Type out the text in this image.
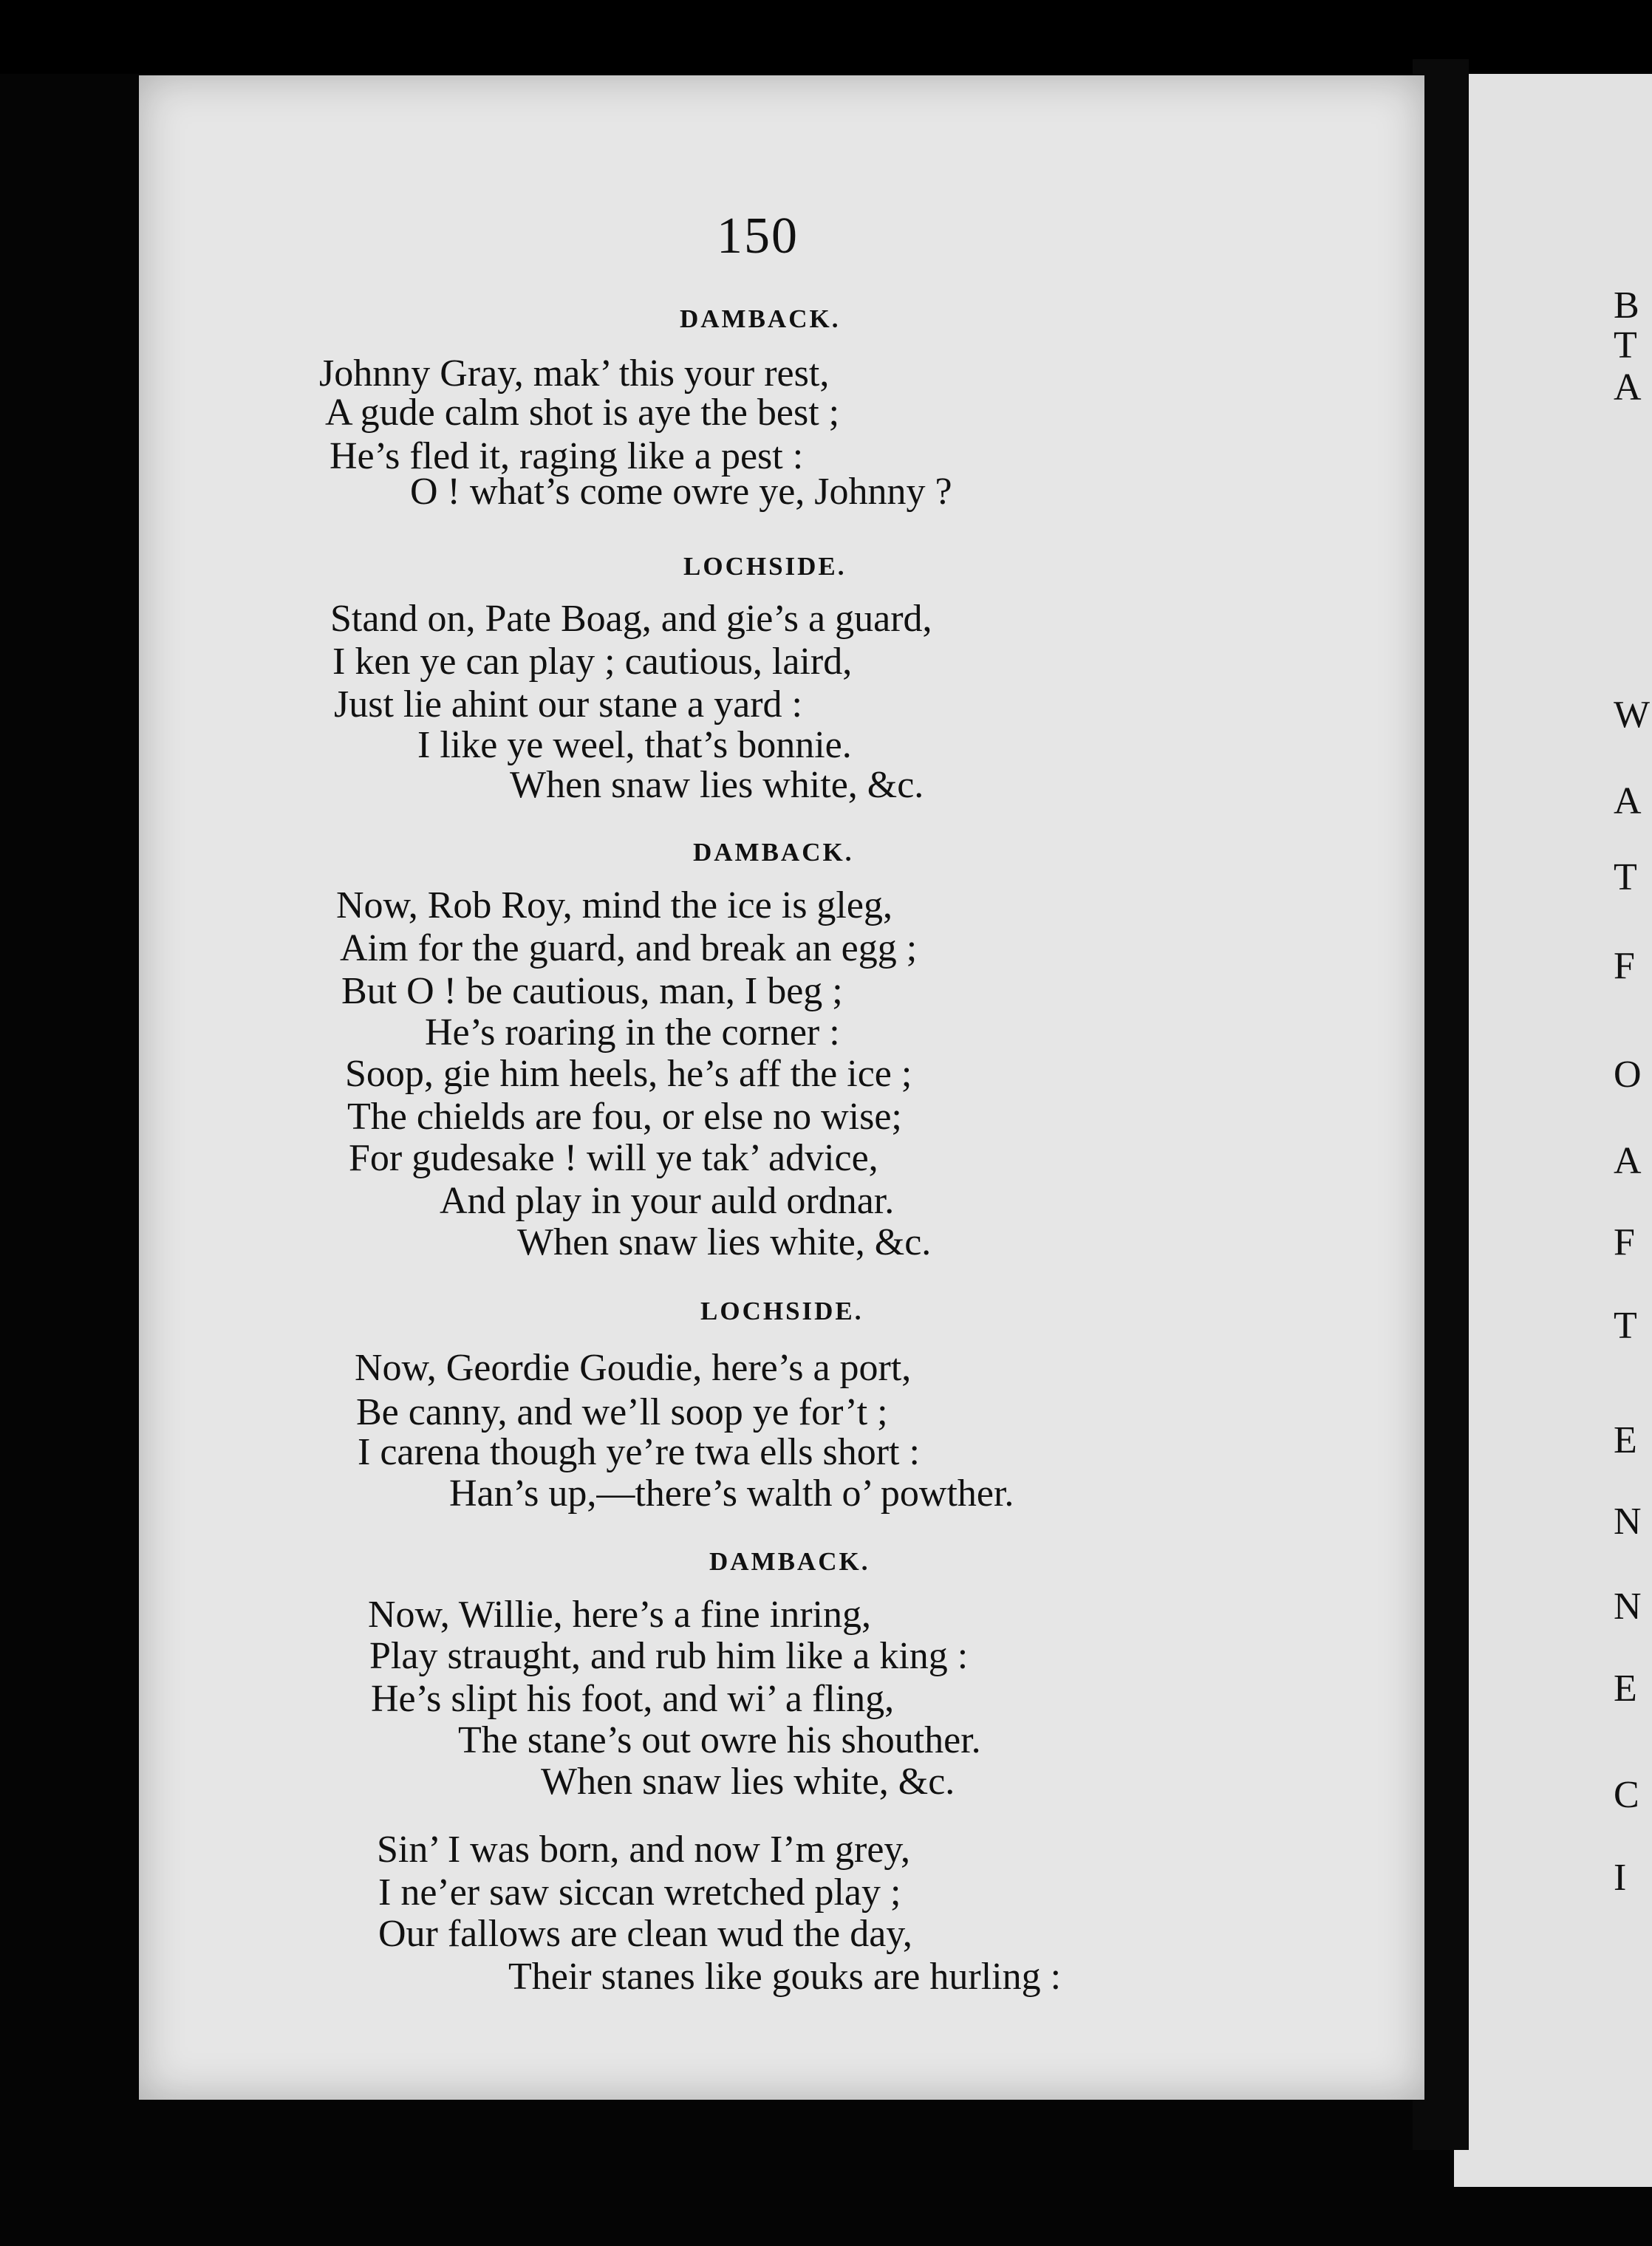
150
DAMBACK.
Johnny Gray, mak’ this your rest,
A gude calm shot is aye the best ;
He’s fled it, raging like a pest :
O ! what’s come owre ye, Johnny ?
LOCHSIDE.
Stand on, Pate Boag, and gie’s a guard,
I ken ye can play ; cautious, laird,
Just lie ahint our stane a yard :
I like ye weel, that’s bonnie.
When snaw lies white, &c.
DAMBACK.
Now, Rob Roy, mind the ice is gleg,
Aim for the guard, and break an egg ;
But O ! be cautious, man, I beg ;
He’s roaring in the corner :
Soop, gie him heels, he’s aff the ice ;
The chields are fou, or else no wise;
For gudesake ! will ye tak’ advice,
And play in your auld ordnar.
When snaw lies white, &c.
LOCHSIDE.
Now, Geordie Goudie, here’s a port,
Be canny, and we’ll soop ye for’t ;
I carena though ye’re twa ells short :
Han’s up,—there’s walth o’ powther.
DAMBACK.
Now, Willie, here’s a fine inring,
Play straught, and rub him like a king :
He’s slipt his foot, and wi’ a fling,
The stane’s out owre his shouther.
When snaw lies white, &c.
Sin’ I was born, and now I’m grey,
I ne’er saw siccan wretched play ;
Our fallows are clean wud the day,
Their stanes like gouks are hurling :
B
T
A
W
A
T
F
O
A
F
T
E
N
N
E
C
I
